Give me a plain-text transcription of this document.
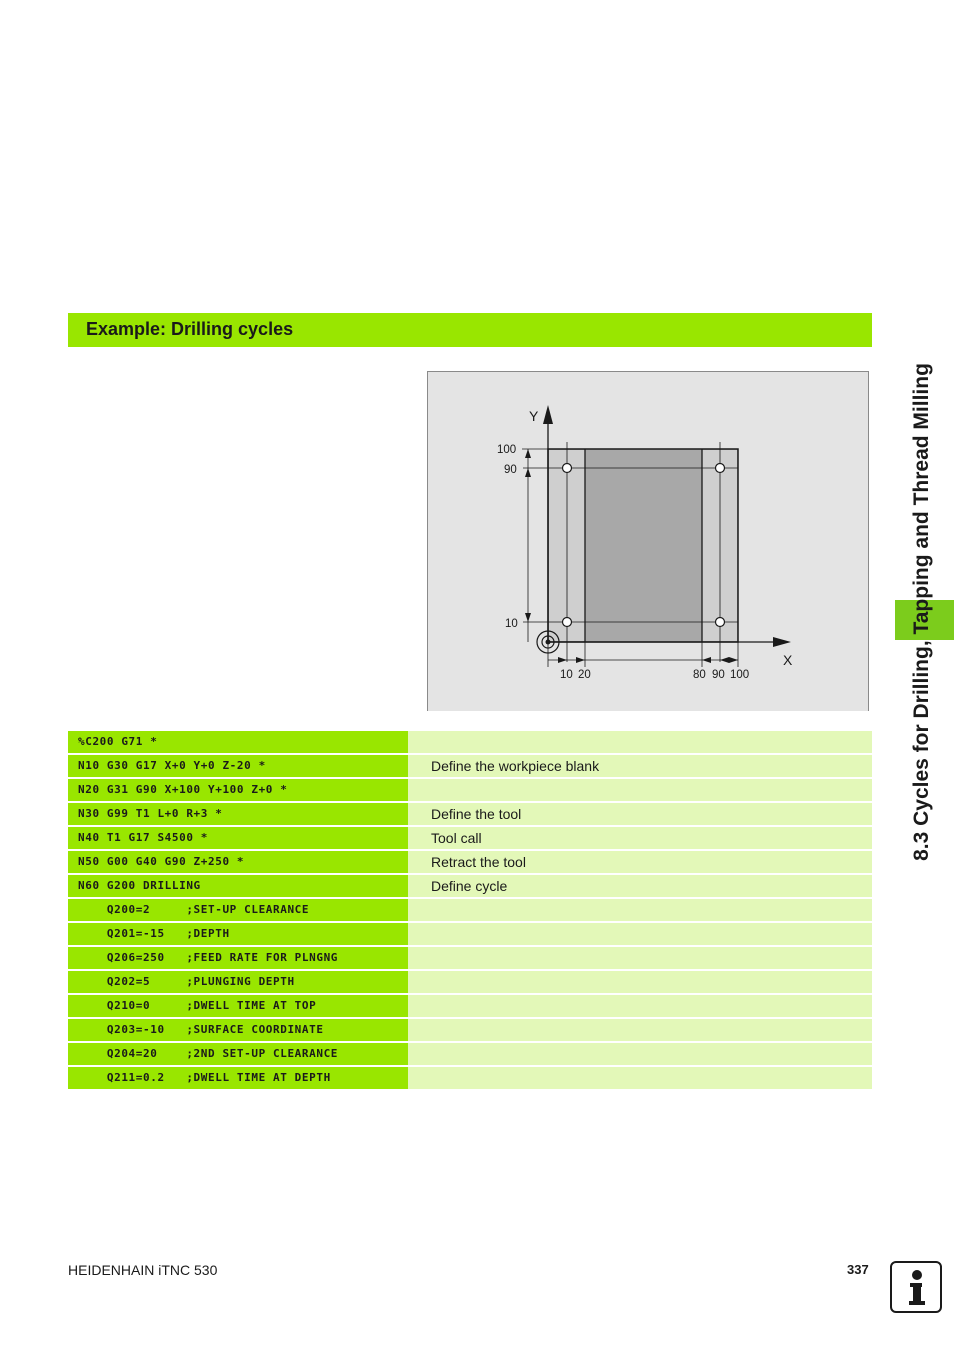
8.3 Cycles for Drilling, Tapping and Thread Milling
Example: Drilling cycles
X
Y
100
90
10
10 20	80 90 100
%C200 G71 *
N10 G30 G17 X+0 Y+0 Z-20 *	Define the workpiece blank
N20 G31 G90 X+100 Y+100 Z+0 *
N30 G99 T1 L+0 R+3 *	Define the tool
N40 T1 G17 S4500 *	Tool call
N50 G00 G40 G90 Z+250 *	Retract the tool
N60 G200 DRILLING	Define cycle
Q200=2     ;SET-UP CLEARANCE
Q201=-15   ;DEPTH
Q206=250   ;FEED RATE FOR PLNGNG
Q202=5     ;PLUNGING DEPTH
Q210=0     ;DWELL TIME AT TOP
Q203=-10   ;SURFACE COORDINATE
Q204=20    ;2ND SET-UP CLEARANCE
Q211=0.2   ;DWELL TIME AT DEPTH
HEIDENHAIN iTNC 530	337
